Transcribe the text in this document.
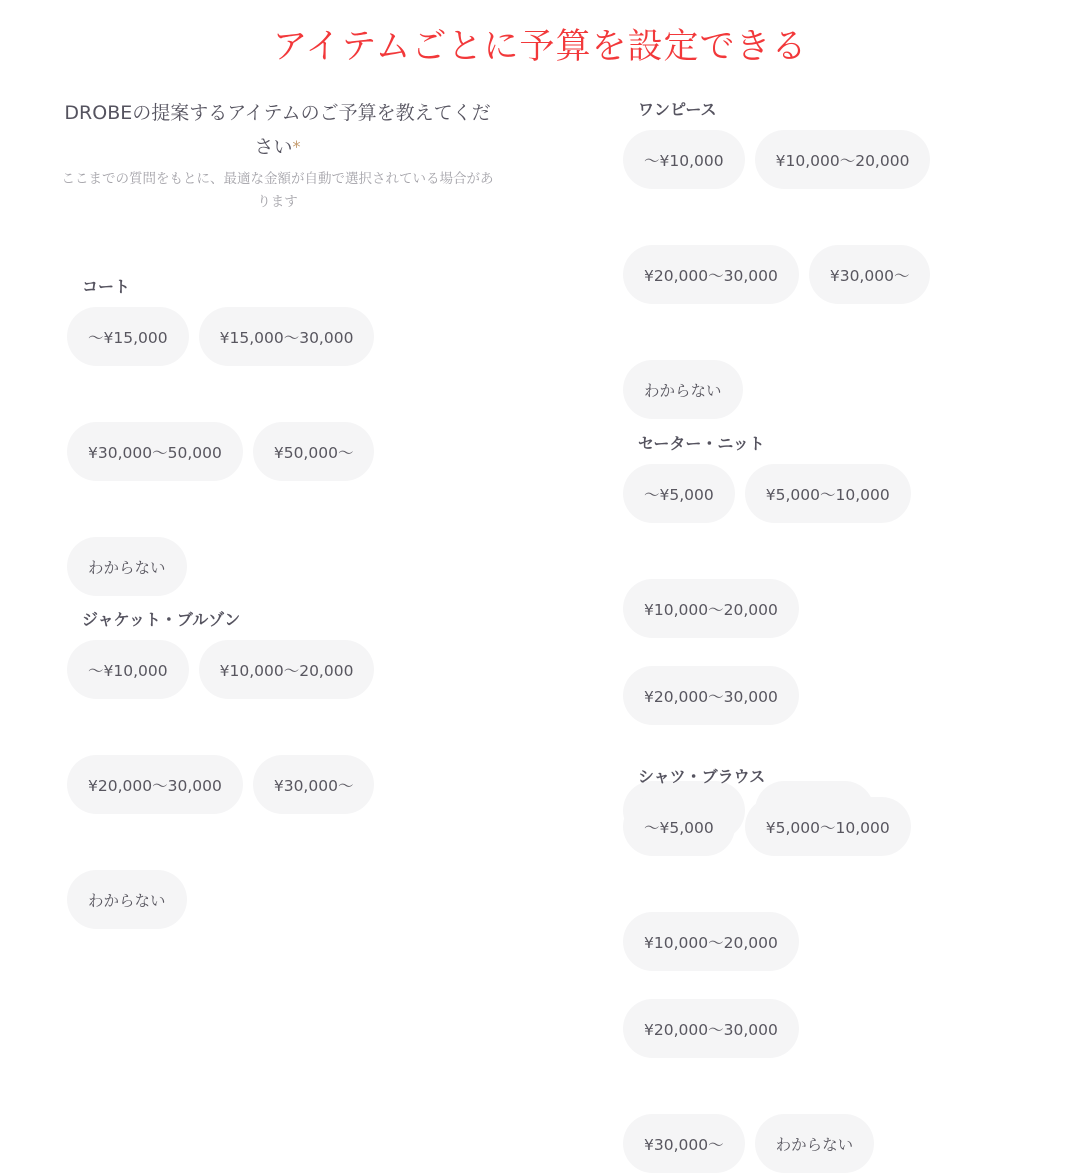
アイテムごとに予算を設定できる

DROBEの提案するアイテムのご予算を教えてください*

ここまでの質問をもとに、最適な金額が自動で選択されている場合があります

コート
～¥15,000	¥15,000～30,000
¥30,000～50,000	¥50,000～
わからない
ジャケット・ブルゾン
～¥10,000	¥10,000～20,000
¥20,000～30,000	¥30,000～
わからない
ワンピース
～¥10,000	¥10,000～20,000
¥20,000～30,000	¥30,000～
わからない
セーター・ニット
～¥5,000	¥5,000～10,000
¥10,000～20,000
¥20,000～30,000
シャツ・ブラウス
～¥5,000	¥5,000～10,000
¥10,000～20,000
¥20,000～30,000
¥30,000～	わからない
